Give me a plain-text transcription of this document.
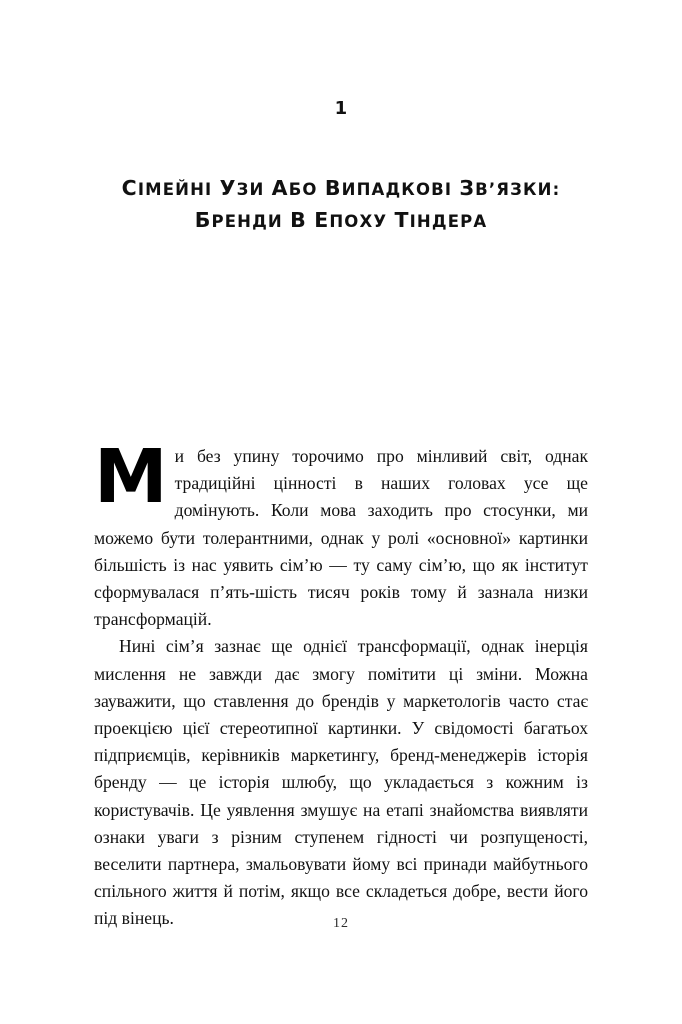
1
СІМЕЙНІ УЗИ АБО ВИПАДКОВІ ЗВ’ЯЗКИ:
БРЕНДИ В ЕПОХУ ТІНДЕРА

Ми без упину торочимо про мінливий світ, однак традиційні цінності в наших головах усе ще домінують. Коли мова заходить про стосунки, ми можемо бути толерантними, однак у ролі «основної» картинки більшість із нас уявить сім’ю — ту саму сім’ю, що як інститут сформувалася п’ять-шість тисяч років тому й зазнала низки трансформацій.

Нині сім’я зазнає ще однієї трансформації, однак інерція мислення не завжди дає змогу помітити ці зміни. Можна зауважити, що ставлення до брендів у маркетологів часто стає проекцією цієї стереотипної картинки. У свідомості багатьох підприємців, керівників маркетингу, бренд-менеджерів історія бренду — це історія шлюбу, що укладається з кожним із користувачів. Це уявлення змушує на етапі знайомства виявляти ознаки уваги з різним ступенем гідності чи розпущеності, веселити партнера, змальовувати йому всі принади майбутнього спільного життя й потім, якщо все складеться добре, вести його під вінець.	12
